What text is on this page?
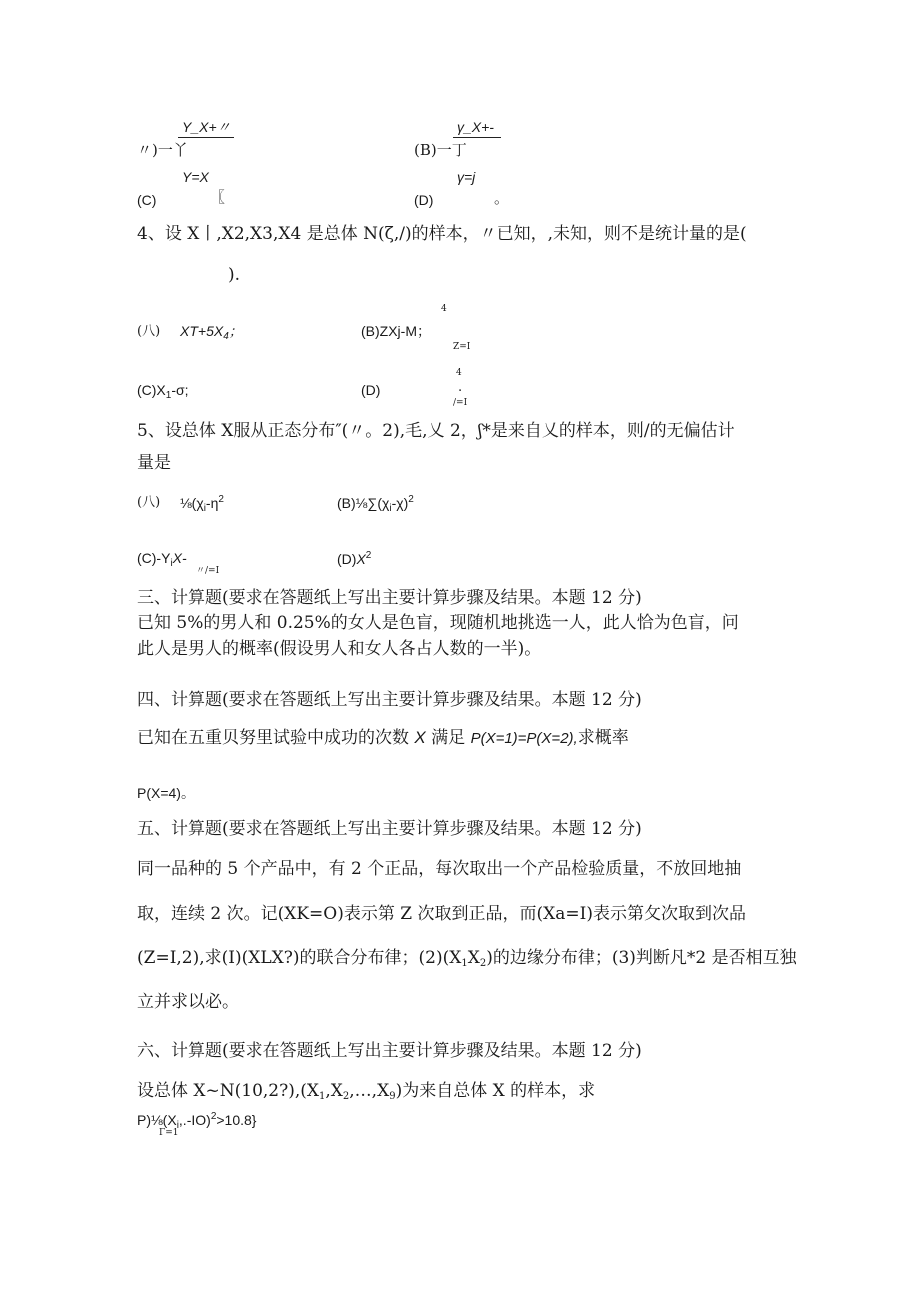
Y_X+〃
〃)一丫
γ_X+-
(B)一丁
Y=X
(C)	〖
γ=j
(D)	。
4、设 X丨,X2,X3,X4 是总体 N(ζ,/)的样本，〃已知，,未知，则不是统计量的是(
).
(八) $XT+5X_4$；
4
(B)ZXj-M；
Z=I
$(C)X_1-\sigma$;
4
(D)	.
/=I
5、设总体 X服从正态分布″(〃。2),毛,乂 2，ʃ*是来自乂的样本，则/的无偏估计
量是
(八) $\frac{1}{8}(\chi_i-\eta^2$	$(B)\frac{1}{8}\sum(\chi_i-\chi)^2$
$(C)-Y_iX-$
〃/=I
$(D)X^2$
三、计算题(要求在答题纸上写出主要计算步骤及结果。本题 12 分)
已知 5%的男人和 0.25%的女人是色盲，现随机地挑选一人，此人恰为色盲，问
此人是男人的概率(假设男人和女人各占人数的一半)。
四、计算题(要求在答题纸上写出主要计算步骤及结果。本题 12 分)
已知在五重贝努里试验中成功的次数 X 满足 P(X=1)=P(X=2),求概率
P(X=4)。
五、计算题(要求在答题纸上写出主要计算步骤及结果。本题 12 分)
同一品种的 5 个产品中，有 2 个正品，每次取出一个产品检验质量，不放回地抽
取，连续 2 次。记(XK=O)表示第 Z 次取到正品，而(Xa=I)表示第攵次取到次品
(Z=I,2),求(I)(XLX?)的联合分布律；$(2)(X_1X_2)$的边缘分布律；(3)判断凡*2 是否相互独
立并求以必。
六、计算题(要求在答题纸上写出主要计算步骤及结果。本题 12 分)
设总体 $X\sim N(10,2?),(X_1,X_2,\dots,X_9)$为来自总体 X 的样本，求
$P)\frac{1}{8}(X_i,.-IO)^2>10.8$}
Γ=1
